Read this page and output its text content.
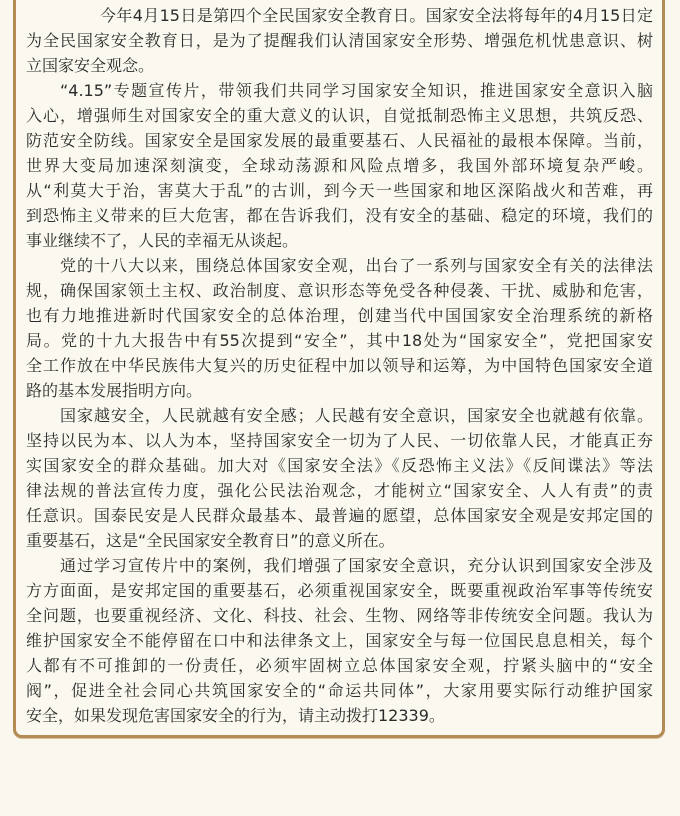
今年4月15日是第四个全民国家安全教育日。国家安全法将每年的4月15日定
为全民国家安全教育日，是为了提醒我们认清国家安全形势、增强危机忧患意识、树
立国家安全观念。
“4.15”专题宣传片，带领我们共同学习国家安全知识，推进国家安全意识入脑
入心，增强师生对国家安全的重大意义的认识，自觉抵制恐怖主义思想，共筑反恐、
防范安全防线。国家安全是国家发展的最重要基石、人民福祉的最根本保障。当前，
世界大变局加速深刻演变，全球动荡源和风险点增多，我国外部环境复杂严峻。
从“利莫大于治，害莫大于乱”的古训，到今天一些国家和地区深陷战火和苦难，再
到恐怖主义带来的巨大危害，都在告诉我们，没有安全的基础、稳定的环境，我们的
事业继续不了，人民的幸福无从谈起。
党的十八大以来，围绕总体国家安全观，出台了一系列与国家安全有关的法律法
规，确保国家领土主权、政治制度、意识形态等免受各种侵袭、干扰、威胁和危害，
也有力地推进新时代国家安全的总体治理，创建当代中国国家安全治理系统的新格
局。党的十九大报告中有55次提到“安全”，其中18处为“国家安全”，党把国家安
全工作放在中华民族伟大复兴的历史征程中加以领导和运筹，为中国特色国家安全道
路的基本发展指明方向。
国家越安全，人民就越有安全感；人民越有安全意识，国家安全也就越有依靠。
坚持以民为本、以人为本，坚持国家安全一切为了人民、一切依靠人民，才能真正夯
实国家安全的群众基础。加大对《国家安全法》《反恐怖主义法》《反间谍法》等法
律法规的普法宣传力度，强化公民法治观念，才能树立“国家安全、人人有责”的责
任意识。国泰民安是人民群众最基本、最普遍的愿望，总体国家安全观是安邦定国的
重要基石，这是“全民国家安全教育日”的意义所在。
通过学习宣传片中的案例，我们增强了国家安全意识，充分认识到国家安全涉及
方方面面，是安邦定国的重要基石，必须重视国家安全，既要重视政治军事等传统安
全问题，也要重视经济、文化、科技、社会、生物、网络等非传统安全问题。我认为
维护国家安全不能停留在口中和法律条文上，国家安全与每一位国民息息相关，每个
人都有不可推卸的一份责任，必须牢固树立总体国家安全观，拧紧头脑中的“安全
阀”，促进全社会同心共筑国家安全的“命运共同体”，大家用要实际行动维护国家
安全，如果发现危害国家安全的行为，请主动拨打12339。
